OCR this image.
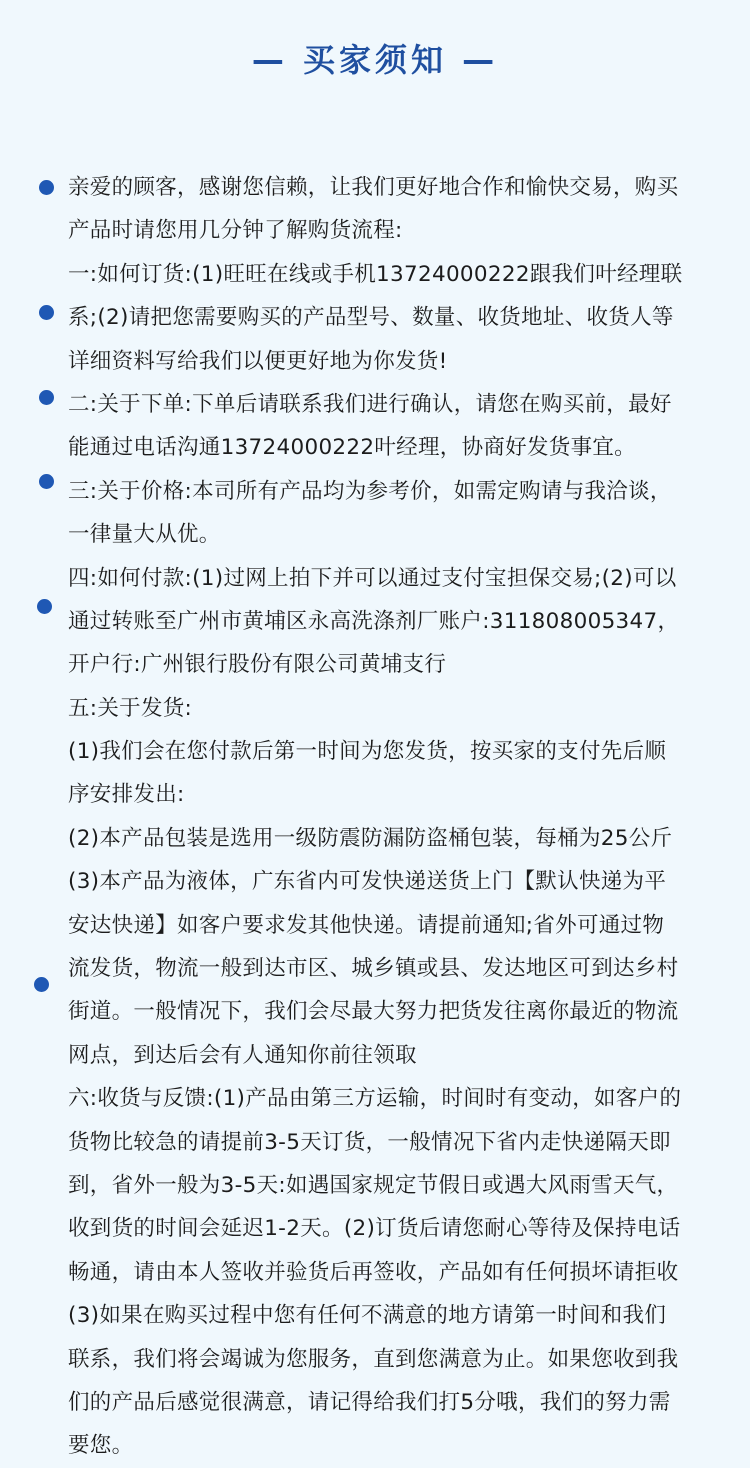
— 买家须知 —
亲爱的顾客，感谢您信赖，让我们更好地合作和愉快交易，购买
产品时请您用几分钟了解购货流程:
一:如何订货:(1)旺旺在线或手机13724000222跟我们叶经理联
系;(2)请把您需要购买的产品型号、数量、收货地址、收货人等
详细资料写给我们以便更好地为你发货!
二:关于下单:下单后请联系我们进行确认，请您在购买前，最好
能通过电话沟通13724000222叶经理，协商好发货事宜。
三:关于价格:本司所有产品均为参考价，如需定购请与我洽谈，
一律量大从优。
四:如何付款:(1)过网上拍下并可以通过支付宝担保交易;(2)可以
通过转账至广州市黄埔区永高洗涤剂厂账户:311808005347，
开户行:广州银行股份有限公司黄埔支行
五:关于发货:
(1)我们会在您付款后第一时间为您发货，按买家的支付先后顺
序安排发出:
(2)本产品包装是选用一级防震防漏防盗桶包装，每桶为25公斤
(3)本产品为液体，广东省内可发快递送货上门【默认快递为平
安达快递】如客户要求发其他快递。请提前通知;省外可通过物
流发货，物流一般到达市区、城乡镇或县、发达地区可到达乡村
街道。一般情况下，我们会尽最大努力把货发往离你最近的物流
网点，到达后会有人通知你前往领取
六:收货与反馈:(1)产品由第三方运输，时间时有变动，如客户的
货物比较急的请提前3-5天订货，一般情况下省内走快递隔天即
到，省外一般为3-5天:如遇国家规定节假日或遇大风雨雪天气，
收到货的时间会延迟1-2天。(2)订货后请您耐心等待及保持电话
畅通，请由本人签收并验货后再签收，产品如有任何损坏请拒收
(3)如果在购买过程中您有任何不满意的地方请第一时间和我们
联系，我们将会竭诚为您服务，直到您满意为止。如果您收到我
们的产品后感觉很满意，请记得给我们打5分哦，我们的努力需
要您。
